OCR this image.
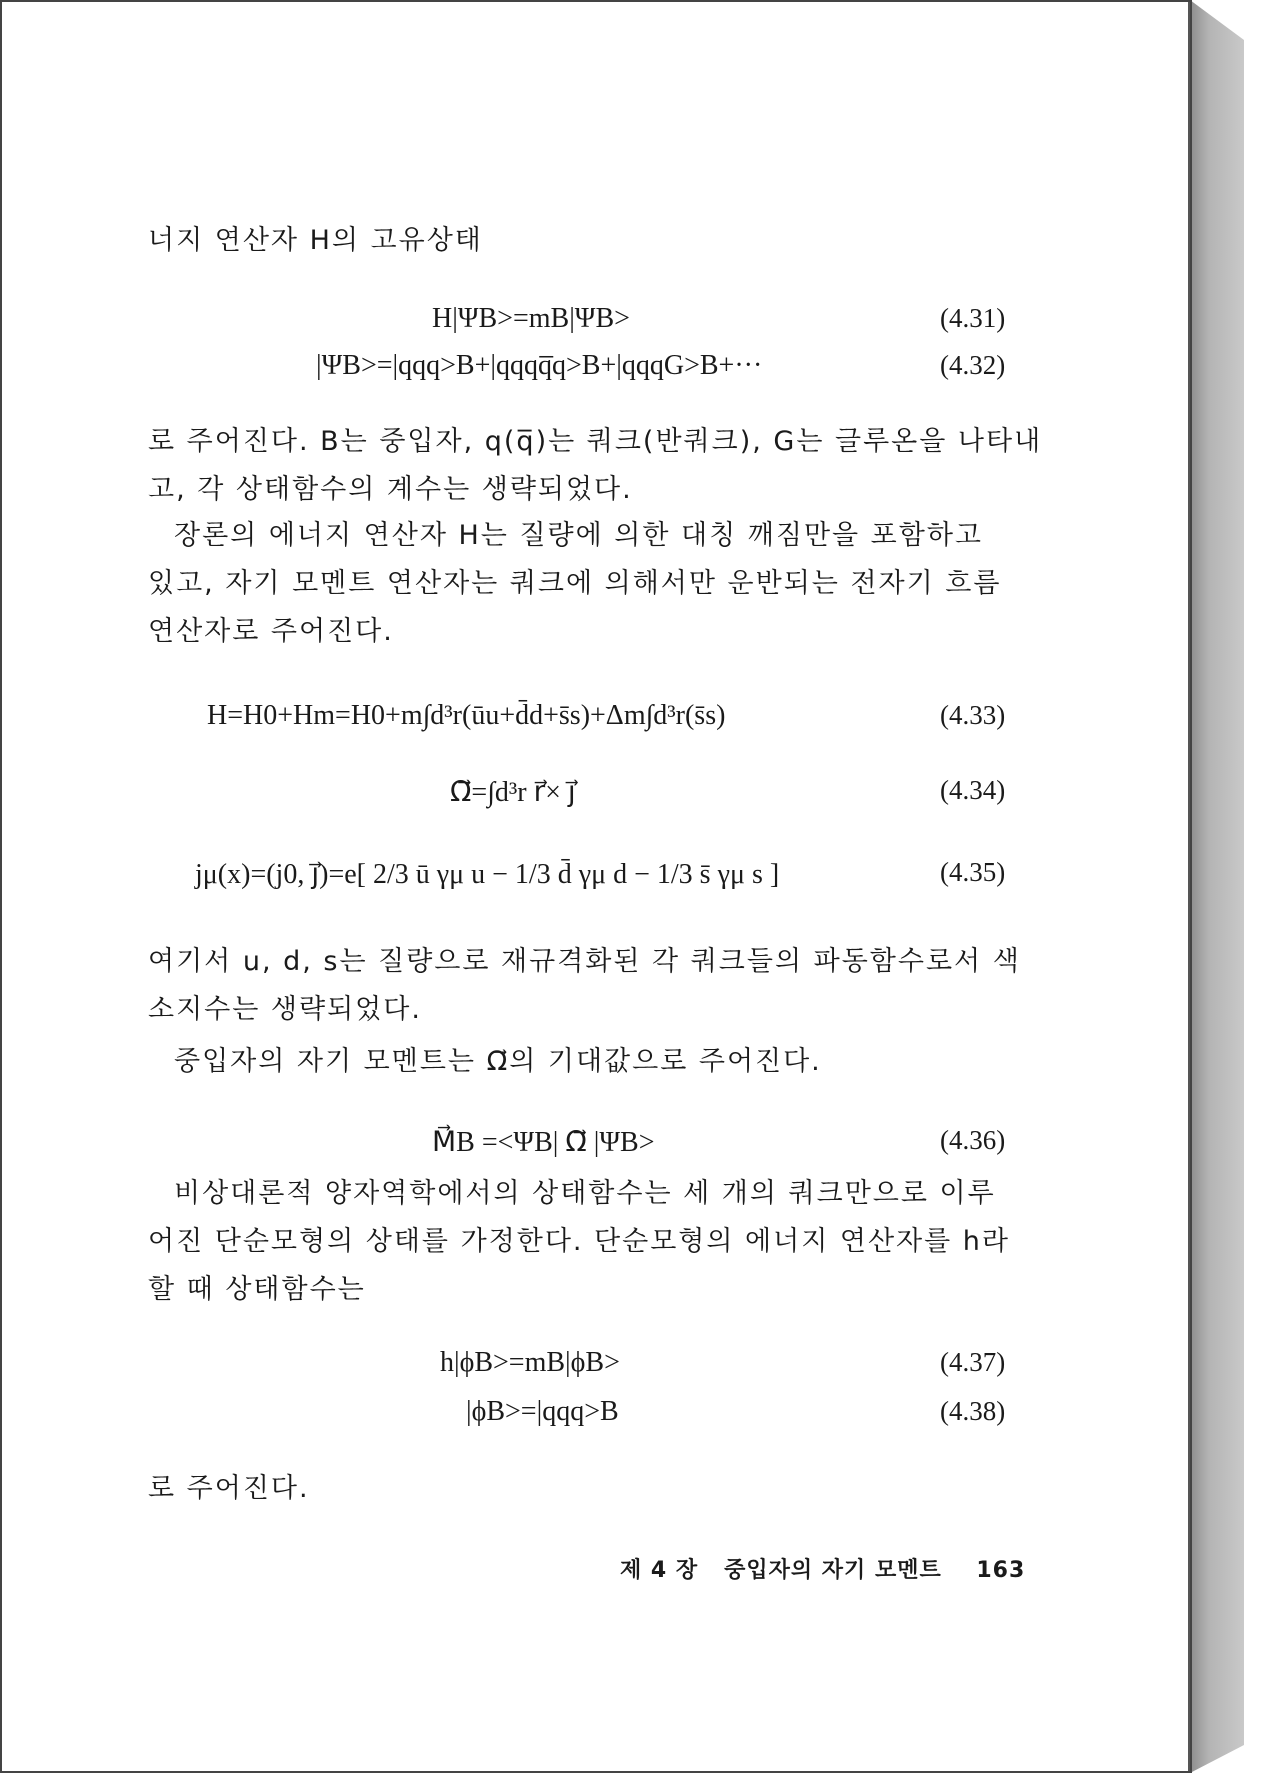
너지 연산자 H의 고유상태
H|ΨB>=mB|ΨB>	(4.31)
|ΨB>=|qqq>B+|qqqq̅q>B+|qqqG>B+···	(4.32)
로 주어진다. B는 중입자, q(q̅)는 쿼크(반쿼크), G는 글루온을 나타내
고, 각 상태함수의 계수는 생략되었다.
장론의 에너지 연산자 H는 질량에 의한 대칭 깨짐만을 포함하고
있고, 자기 모멘트 연산자는 쿼크에 의해서만 운반되는 전자기 흐름
연산자로 주어진다.
H=H0+Hm=H0+m∫d³r(ūu+d̄d+s̄s)+Δm∫d³r(s̄s)	(4.33)
Ω⃗=∫d³r r⃗× j⃗	(4.34)
jμ(x)=(j0, j⃗)=e[ 2/3 ū γμ u − 1/3 d̄ γμ d − 1/3 s̄ γμ s ]	(4.35)
여기서 u, d, s는 질량으로 재규격화된 각 쿼크들의 파동함수로서 색
소지수는 생략되었다.
중입자의 자기 모멘트는 Ω⃗의 기대값으로 주어진다.
M⃗B =<ΨB| Ω⃗ |ΨB>	(4.36)
비상대론적 양자역학에서의 상태함수는 세 개의 쿼크만으로 이루
어진 단순모형의 상태를 가정한다. 단순모형의 에너지 연산자를 h라
할 때 상태함수는
h|ϕB>=mB|ϕB>	(4.37)
|ϕB>=|qqq>B	(4.38)
로 주어진다.
제 4 장 중입자의 자기 모멘트 163
